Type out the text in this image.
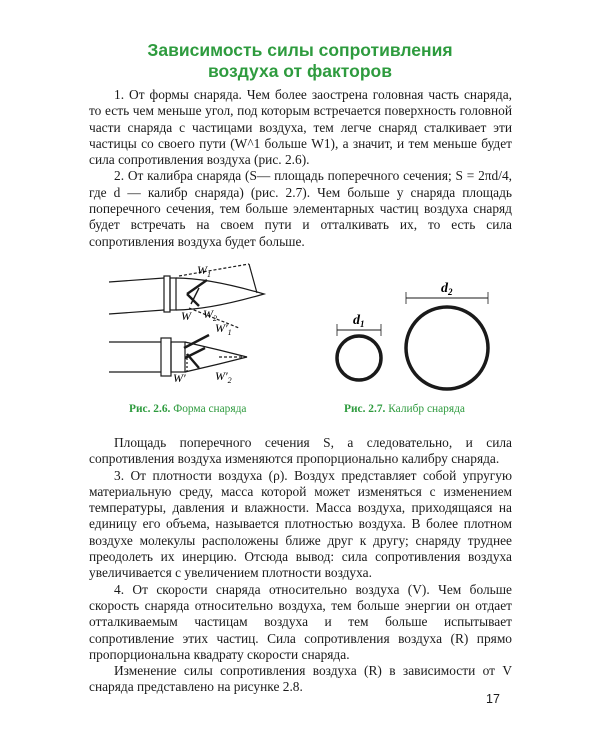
Зависимость силы сопротивления
воздуха от факторов

1. От формы снаряда. Чем более заострена головная часть снаряда, то есть чем меньше угол, под которым встречается поверхность головной части снаряда с частицами воздуха, тем легче снаряд сталкивает эти частицы со своего пути (W^1 больше W1), а значит, и тем меньше будет сила сопротивления воздуха (рис. 2.6).

2. От калибра снаряда (S— площадь поперечного сечения; S = 2πd/4, где d — калибр снаряда) (рис. 2.7). Чем больше у снаряда площадь поперечного сечения, тем больше элементарных частиц воздуха снаряд будет встречать на своем пути и отталкивать их, то есть сила сопротивления воздуха будет больше.

$W_1$
$W_2$
W
$W'_1$
W′ $W'_2$
$d_1$
$d_2$
Рис. 2.6. Форма снаряда	Рис. 2.7. Калибр снаряда

Площадь поперечного сечения S, а следовательно, и сила сопротивления воздуха изменяются пропорционально калибру снаряда.

3. От плотности воздуха (ρ). Воздух представляет собой упругую материальную среду, масса которой может изменяться с изменением температуры, давления и влажности. Масса воздуха, приходящаяся на единицу его объема, называется плотностью воздуха. В более плотном воздухе молекулы расположены ближе друг к другу; снаряду труднее преодолеть их инерцию. Отсюда вывод: сила сопротивления воздуха увеличивается с увеличением плотности воздуха.

4. От скорости снаряда относительно воздуха (V). Чем больше скорость снаряда относительно воздуха, тем больше энергии он отдает отталкиваемым частицам воздуха и тем больше испытывает сопротивление этих частиц. Сила сопротивления воздуха (R) прямо пропорциональна квадрату скорости снаряда.

Изменение силы сопротивления воздуха (R) в зависимости от V снаряда представлено на рисунке 2.8.

17
